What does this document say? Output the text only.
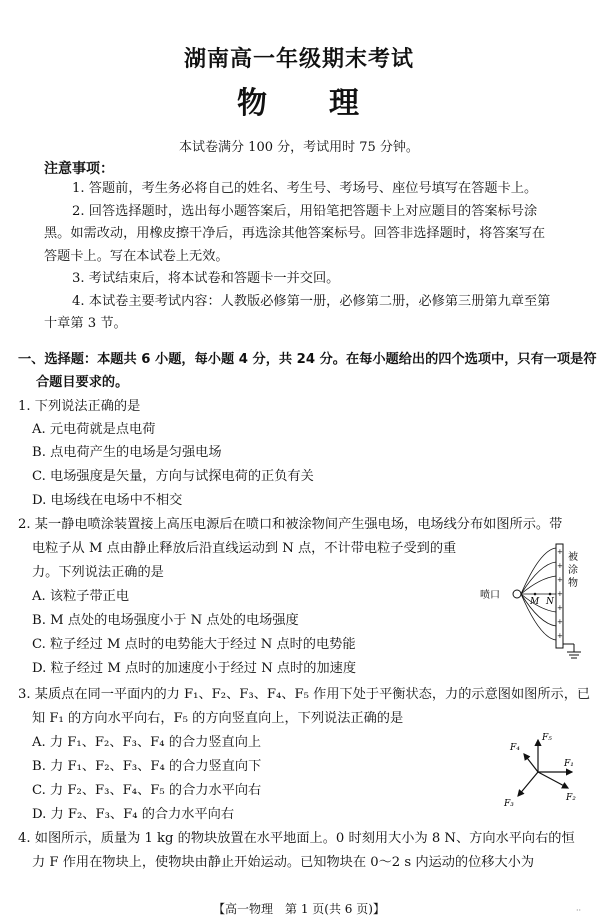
湖南高一年级期末考试
物 理
本试卷满分 100 分，考试用时 75 分钟。
注意事项：
1. 答题前，考生务必将自己的姓名、考生号、考场号、座位号填写在答题卡上。
2. 回答选择题时，选出每小题答案后，用铅笔把答题卡上对应题目的答案标号涂
黑。如需改动，用橡皮擦干净后，再选涂其他答案标号。回答非选择题时，将答案写在
答题卡上。写在本试卷上无效。
3. 考试结束后，将本试卷和答题卡一并交回。
4. 本试卷主要考试内容：人教版必修第一册，必修第二册，必修第三册第九章至第
十章第 3 节。
一、选择题：本题共 6 小题，每小题 4 分，共 24 分。在每小题给出的四个选项中，只有一项是符
合题目要求的。
1. 下列说法正确的是
A. 元电荷就是点电荷
B. 点电荷产生的电场是匀强电场
C. 电场强度是矢量，方向与试探电荷的正负有关
D. 电场线在电场中不相交
2. 某一静电喷涂装置接上高压电源后在喷口和被涂物间产生强电场，电场线分布如图所示。带
电粒子从 M 点由静止释放后沿直线运动到 N 点，不计带电粒子受到的重
力。下列说法正确的是
A. 该粒子带正电
B. M 点处的电场强度小于 N 点处的电场强度
C. 粒子经过 M 点时的电势能大于经过 N 点时的电势能
D. 粒子经过 M 点时的加速度小于经过 N 点时的加速度
喷口
+
+
+
+
+
+
+
M N
被
涂
物
3. 某质点在同一平面内的力 F₁、F₂、F₃、F₄、F₅ 作用下处于平衡状态，力的示意图如图所示，已
知 F₁ 的方向水平向右，F₅ 的方向竖直向上，下列说法正确的是
A. 力 F₁、F₂、F₃、F₄ 的合力竖直向上
B. 力 F₁、F₂、F₃、F₄ 的合力竖直向下
C. 力 F₂、F₃、F₄、F₅ 的合力水平向右
D. 力 F₂、F₃、F₄ 的合力水平向右
F₁
F₂
F₃
F₄
F₅
4. 如图所示，质量为 1 kg 的物块放置在水平地面上。0 时刻用大小为 8 N、方向水平向右的恒
力 F 作用在物块上，使物块由静止开始运动。已知物块在 0～2 s 内运动的位移大小为
【高一物理　第 1 页(共 6 页)】	··
